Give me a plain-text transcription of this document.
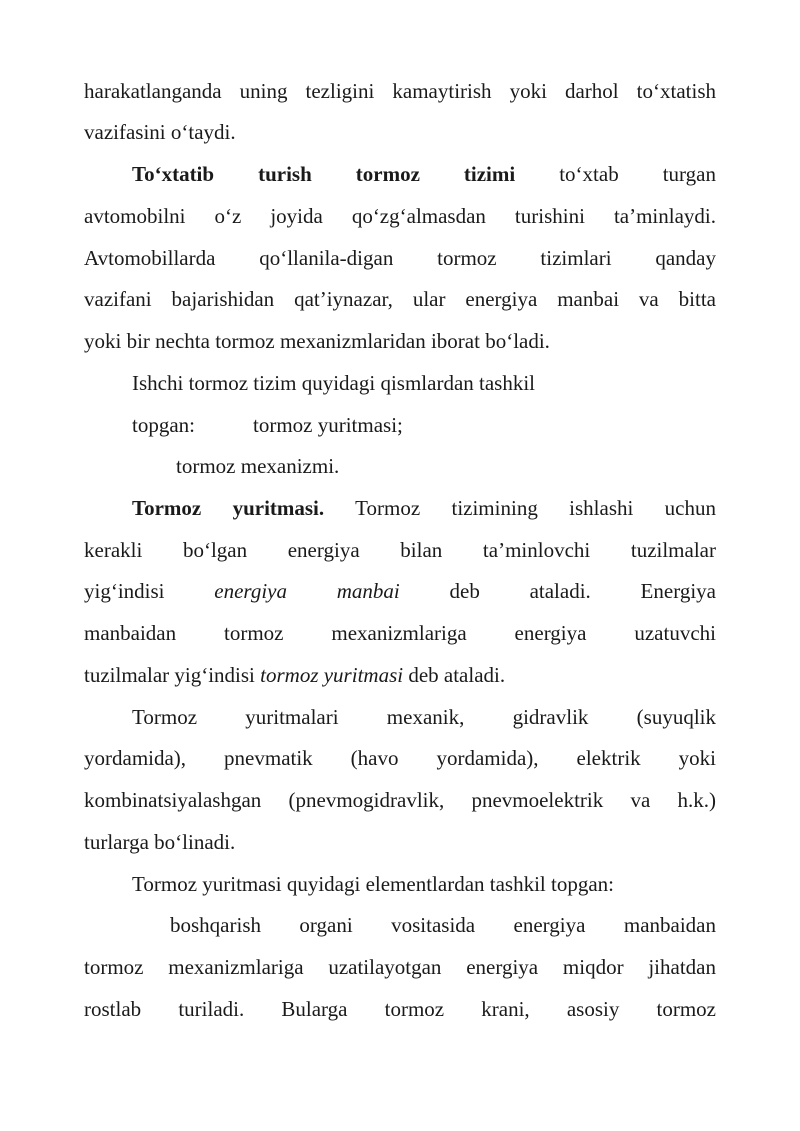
harakatlanganda uning tezligini kamaytirish yoki darhol to‘xtatish
vazifasini o‘taydi.
To‘xtatib turish tormoz tizimi to‘xtab turgan
avtomobilni o‘z joyida qo‘zg‘almasdan turishini ta’minlaydi.
Avtomobillarda qo‘llanila-digan tormoz tizimlari qanday
vazifani bajarishidan qat’iynazar, ular energiya manbai va bitta
yoki bir nechta tormoz mexanizmlaridan iborat bo‘ladi.
Ishchi tormoz tizim quyidagi qismlardan tashkil
topgan:	tormoz yuritmasi;
tormoz mexanizmi.
Tormoz yuritmasi. Tormoz tizimining ishlashi uchun
kerakli bo‘lgan energiya bilan ta’minlovchi tuzilmalar
yig‘indisi energiya manbai deb ataladi. Energiya
manbaidan tormoz mexanizmlariga energiya uzatuvchi
tuzilmalar yig‘indisi tormoz yuritmasi deb ataladi.
Tormoz yuritmalari mexanik, gidravlik (suyuqlik
yordamida), pnevmatik (havo yordamida), elektrik yoki
kombinatsiyalashgan (pnevmogidravlik, pnevmoelektrik va h.k.)
turlarga bo‘linadi.
Tormoz yuritmasi quyidagi elementlardan tashkil topgan:
boshqarish organi vositasida energiya manbaidan
tormoz mexanizmlariga uzatilayotgan energiya miqdor jihatdan
rostlab turiladi. Bularga tormoz krani, asosiy tormoz
